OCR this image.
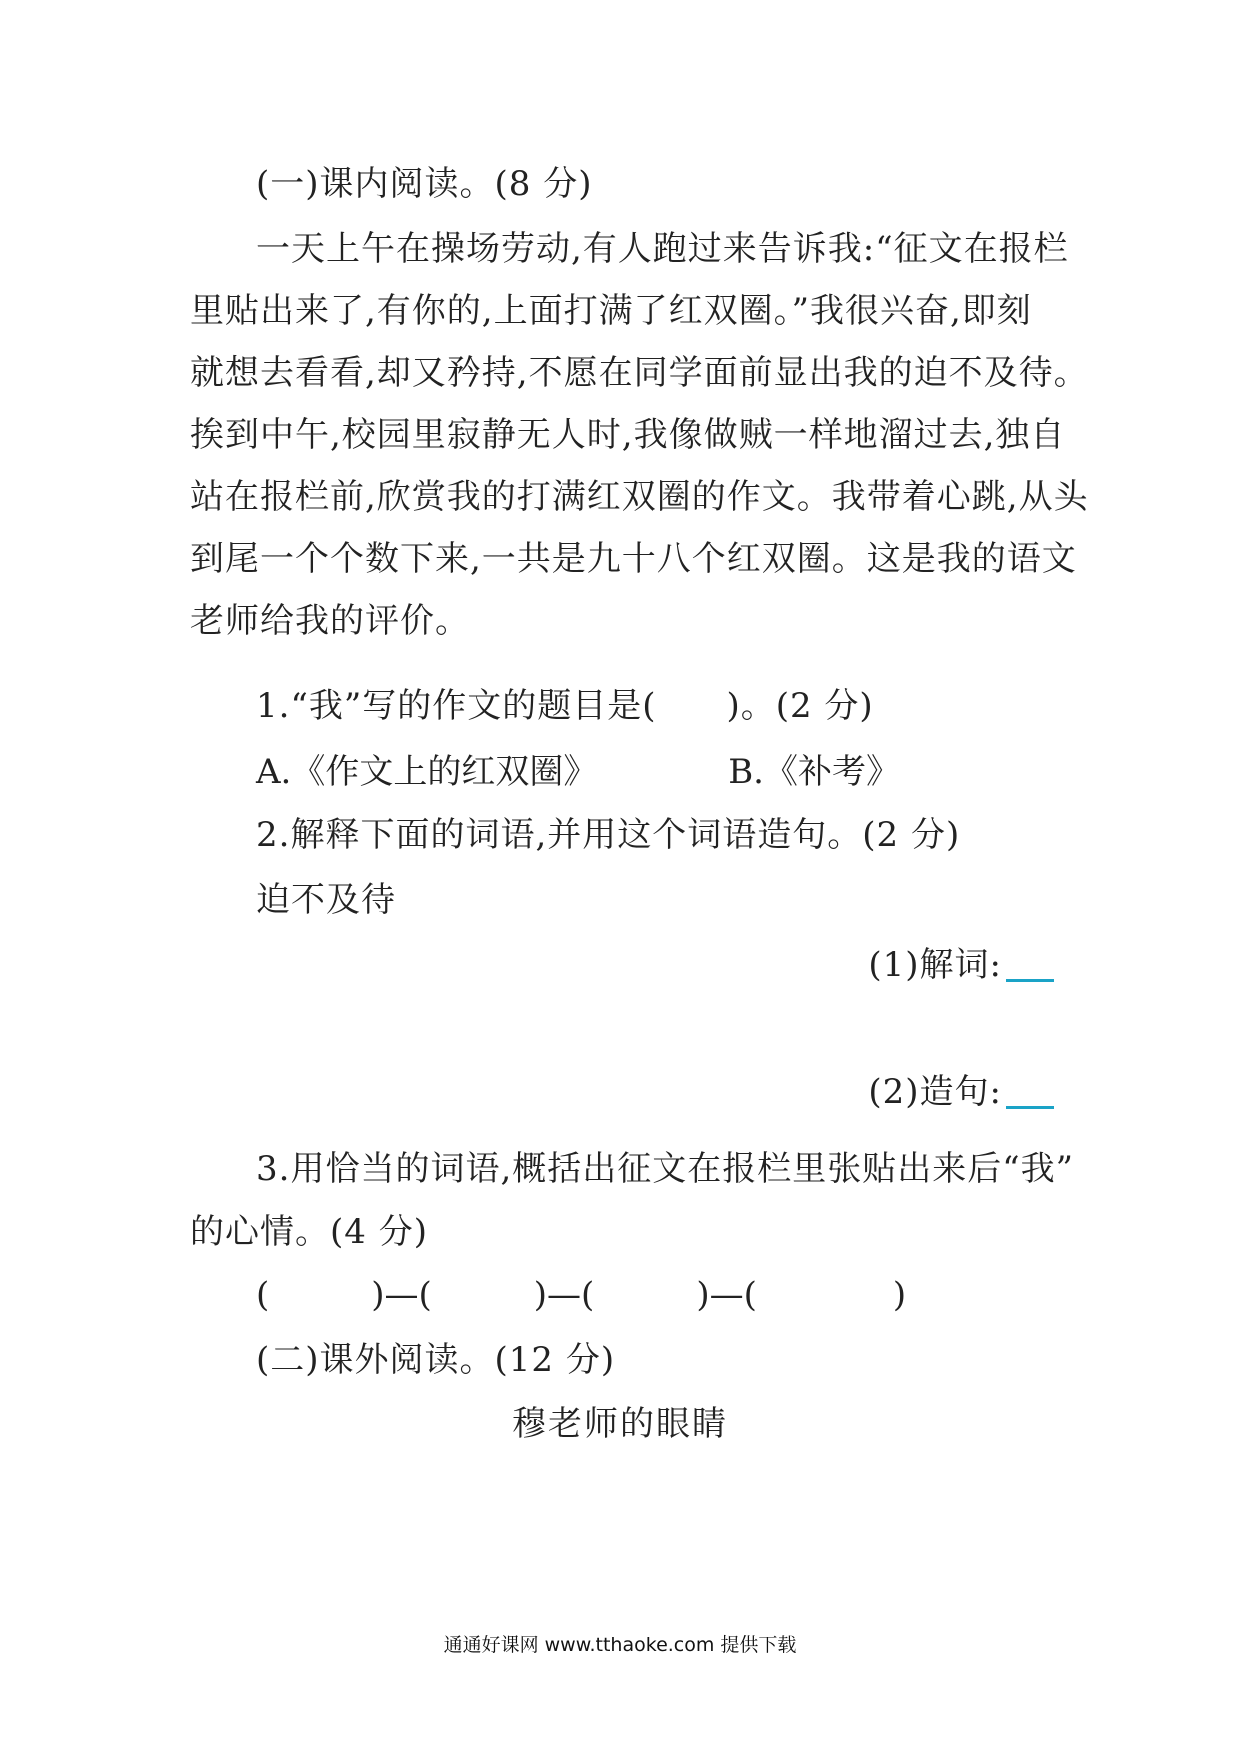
(一)课内阅读。(8 分)
一天上午在操场劳动,有人跑过来告诉我:“征文在报栏
里贴出来了,有你的,上面打满了红双圈。”我很兴奋,即刻
就想去看看,却又矜持,不愿在同学面前显出我的迫不及待。
挨到中午,校园里寂静无人时,我像做贼一样地溜过去,独自
站在报栏前,欣赏我的打满红双圈的作文。我带着心跳,从头
到尾一个个数下来,一共是九十八个红双圈。这是我的语文
老师给我的评价。
1.“我”写的作文的题目是(　　)。(2 分)
A.《作文上的红双圈》	B.《补考》
2.解释下面的词语,并用这个词语造句。(2 分)
迫不及待
(1)解词:
(2)造句:
3.用恰当的词语,概括出征文在报栏里张贴出来后“我”
的心情。(4 分)
(　　　)—(　　　)—(　　　)—(　　　　)
(二)课外阅读。(12 分)
穆老师的眼睛
通通好课网 www.tthaoke.com 提供下载
